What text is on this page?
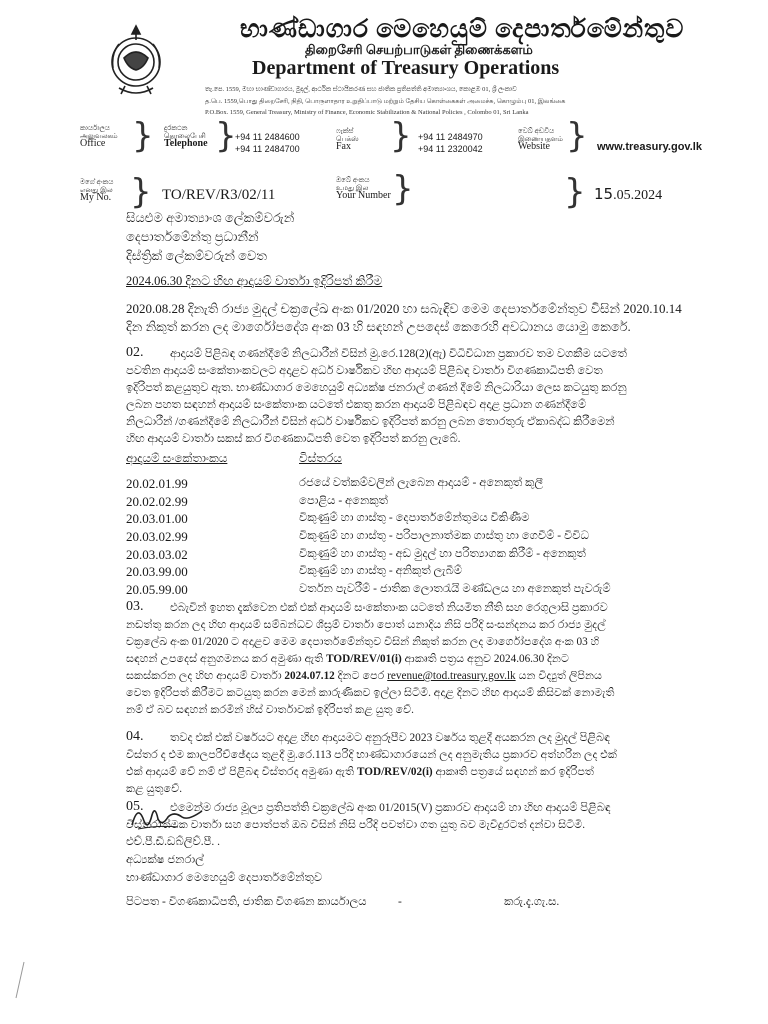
භාණ්ඩාගාර මෙහෙයුම් දෙපාර්තමේන්තුව
திறைசேரி செயற்பாடுகள் திணைக்களம்
Department of Treasury Operations
තැ.පෙ. 1559, මහා භාණ්ඩාගාරය, මුදල්, ආර්ථික ස්ථායීකරණ සහ ජාතික ප්‍රතිපත්ති අමාත්‍යාංශය, කොළඹ 01, ශ්‍රී ලංකාව
த.பெ. 1559,பொது திறைசேரி, நிதி, பொருளாதார உறுதிப்பாடு மற்றும் தேசிய கொள்கைகள் அமைச்சு, கொழும்பு 01, இலங்கை
P.O.Box. 1559, General Treasury, Ministry of Finance, Economic Stabilization & National Policies , Colombo 01, Sri Lanka
කාර්යාලය
அலுவலகம்
Office } දුරකථන
தொலைபேசி
Telephone }
+94 11 2484600
+94 11 2484700
ෆැක්ස්
பெக்ஸ்
Fax } +94 11 2484970
+94 11 2320042
වෙබ් අඩවිය
இணையதளம்
Website } www.treasury.gov.lk
මගේ අංකය
எனது இல
My No. } TO/REV/R3/02/11
ඔබේ අංකය
உமது இல
Your Number }	} 15.05.2024
සියළුම අමාත්‍යාංශ ලේකම්වරුන්
දෙපාර්තමේන්තු ප්‍රධානීන්
දිස්ත්‍රික් ලේකම්වරුන් වෙත
2024.06.30 දිනට හිඟ ආදායම් වාර්තා ඉදිරිපත් කිරීම
2020.08.28 දිනැති රාජ්‍ය මුදල් චක්‍රලේඛ අංක 01/2020 හා සබැඳිව මෙම දෙපාර්තමේන්තුව විසින් 2020.10.14
දින නිකුත් කරන ලද මාර්ගෝපදේශ අංක 03 හි සඳහන් උපදෙස් කෙරෙහි අවධානය යොමු කෙරේ.
02. ආදායම් පිළිබඳ ගණන්දීමේ නිලධාරීන් විසින් මු.රෙ.128(2)(ඇ) විධිවිධාන ප්‍රකාරව තම වගකීම යටතේ
පවතින ආදායම් සංකේතාංකවලට අදාළව අර්ධ වාර්ෂිකව හිඟ ආදායම් පිළිබඳ වාර්තා විගණකාධිපති වෙත
ඉදිරිපත් කළයුතුව ඇත. භාණ්ඩාගාර මෙහෙයුම් අධ්‍යක්ෂ ජනරාල් ගණන් දීමේ නිලධාරියා ලෙස කටයුතු කරනු
ලබන පහත සඳහන් ආදායම් සංකේතාංක යටතේ එකතු කරන ආදායම් පිළිබඳව අදාළ ප්‍රධාන ගණන්දීමේ
නිලධාරීන් /ගණන්දීමේ නිලධාරීන් විසින් අර්ධ වාර්ෂිකව ඉදිරිපත් කරනු ලබන තොරතුරු ඒකාබද්ධ කිරීමෙන්
හිඟ ආදායම් වාර්තා සකස් කර විගණකාධිපති වෙත ඉදිරිපත් කරනු ලැබේ.
ආදායම් සංකේතාංකය	විස්තරය
20.02.01.99	රජයේ වත්කම්වලින් ලැබෙන ආදායම් - අනෙකුත් කුලී
20.02.02.99	පොළිය - අනෙකුත්
20.03.01.00	විකුණුම් හා ගාස්තු - දෙපාර්තමේන්තුමය විකිණීම
20.03.02.99	විකුණුම් හා ගාස්තු - පරිපාලනාත්මක ගාස්තු හා ගෙවීම් - විවිධ
20.03.03.02	විකුණුම් හා ගාස්තු - අඩ මුදල් හා පරිත්‍යාගක කිරීම් - අනෙකුත්
20.03.99.00	විකුණුම් හා ගාස්තු - අනිකුත් ලැබීම්
20.05.99.00	වර්තන පැවරීම් - ජාතික ලොතරැයි මණ්ඩලය හා අනෙකුත් පැවරුම්
03. එබැවින් ඉහත දැක්වෙන එක් එක් ආදායම් සංකේතාංක යටතේ නියමිත නීති සහ රෙගුලාසි ප්‍රකාරව
නඩත්තු කරන ලද හිඟ ආදායම් සම්බන්ධව ශීඝ්‍රම් වාර්තා පොත් යනාදිය නිසි පරිදි සංසන්දනය කර රාජ්‍ය මුදල්
චක්‍රලේඛ අංක 01/2020 ට අදාළව මෙම දෙපාර්තමේන්තුව විසින් නිකුත් කරන ලද මාර්ගෝපදේශ අංක 03 හි
සඳහන් උපදෙස් අනුගමනය කර අමුණා ඇති TOD/REV/01(i) ආකෘති පත්‍රය අනුව 2024.06.30 දිනට
සකස්කරන ලද හිඟ ආදායම් වාර්තා 2024.07.12 දිනට පෙර revenue@tod.treasury.gov.lk යන විද්‍යුත් ලිපිනය
වෙත ඉදිරිපත් කිරීමට කටයුතු කරන මෙන් කාරුණිකව ඉල්ලා සිටිමි. අදාළ දිනට හිඟ ආදායම් කිසිවක් නොමැති
නම් ඒ බව සඳහන් කරමින් හිස් වාර්තාවක් ඉදිරිපත් කළ යුතු වේ.
04. තවද එක් එක් වර්ෂයට අදාළ හිඟ ආදායමට අනුරූපීව 2023 වර්ෂය තුළදී අයකරන ලද මුදල් පිළිබඳ
විස්තර ද එම කාලපරිච්ඡේදය තුළදී මු.රෙ.113 පරිදි භාණ්ඩාගාරයෙන් ලද අනුමැතිය ප්‍රකාරව අත්හරින ලද එක්
එක් ආදායම් වේ නම් ඒ පිළිබඳ විස්තරද අමුණා ඇති TOD/REV/02(i) ආකෘති පත්‍රයේ සඳහන් කර ඉදිරිපත්
කළ යුතුවේ.
05. එමෙන්ම රාජ්‍ය මූල්‍ය ප්‍රතිපත්ති චක්‍රලේඛ අංක 01/2015(V) ප්‍රකාරව ආදායම් හා හිඟ ආදායම් පිළිබඳ
විස්තරාත්මක වාර්තා සහ පොත්පත් ඔබ විසින් නිසි පරිදි පවත්වා ගත යුතු බව මැවිදුරටත් දන්වා සිටිමි.
එච්.පී.ඩී.ඩබ්ලිව්.පී. .
අධ්‍යක්ෂ ජනරාල්
භාණ්ඩාගාර මෙහෙයුම් දෙපාර්තමේන්තුව
පිටපත - විගණකාධිපති, ජාතික විගණන කාර්යාලය	-	කරු.දැ.ගැ.ස.
